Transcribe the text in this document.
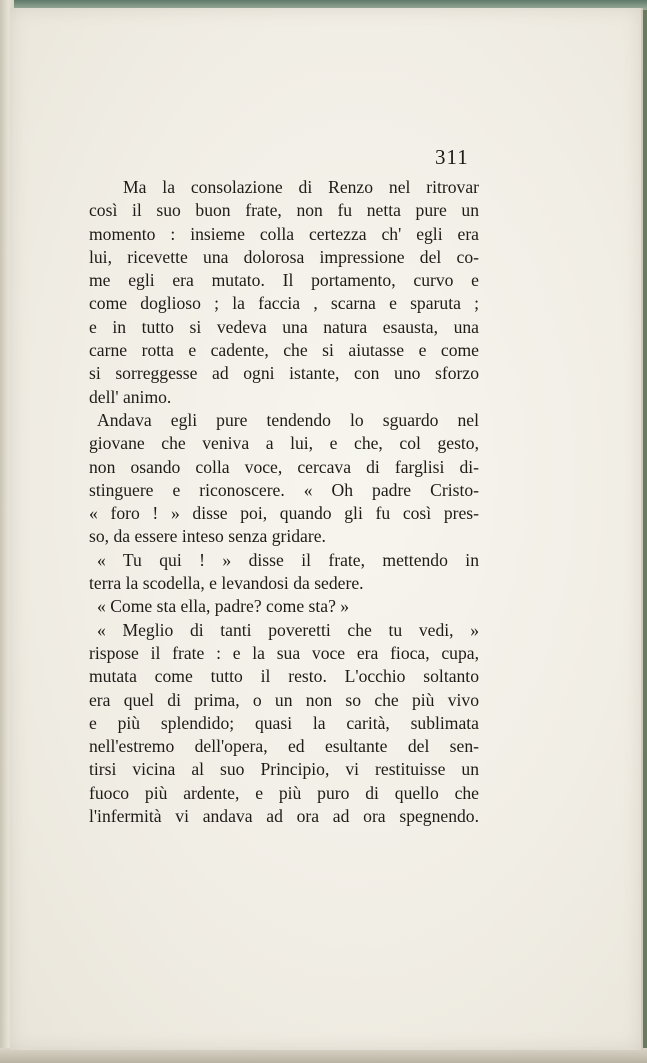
311
Ma la consolazione di Renzo nel ritrovar
così il suo buon frate, non fu netta pure un
momento : insieme colla certezza ch' egli era
lui, ricevette una dolorosa impressione del co-
me egli era mutato. Il portamento, curvo e
come doglioso ; la faccia , scarna e sparuta ;
e in tutto si vedeva una natura esausta, una
carne rotta e cadente, che si aiutasse e come
si sorreggesse ad ogni istante, con uno sforzo
dell' animo.
Andava egli pure tendendo lo sguardo nel
giovane che veniva a lui, e che, col gesto,
non osando colla voce, cercava di farglisi di-
stinguere e riconoscere. « Oh padre Cristo-
« foro ! » disse poi, quando gli fu così pres-
so, da essere inteso senza gridare.
« Tu qui ! » disse il frate, mettendo in
terra la scodella, e levandosi da sedere.
« Come sta ella, padre? come sta? »
« Meglio di tanti poveretti che tu vedi, »
rispose il frate : e la sua voce era fioca, cupa,
mutata come tutto il resto. L'occhio soltanto
era quel di prima, o un non so che più vivo
e più splendido; quasi la carità, sublimata
nell'estremo dell'opera, ed esultante del sen-
tirsi vicina al suo Principio, vi restituisse un
fuoco più ardente, e più puro di quello che
l'infermità vi andava ad ora ad ora spegnendo.
